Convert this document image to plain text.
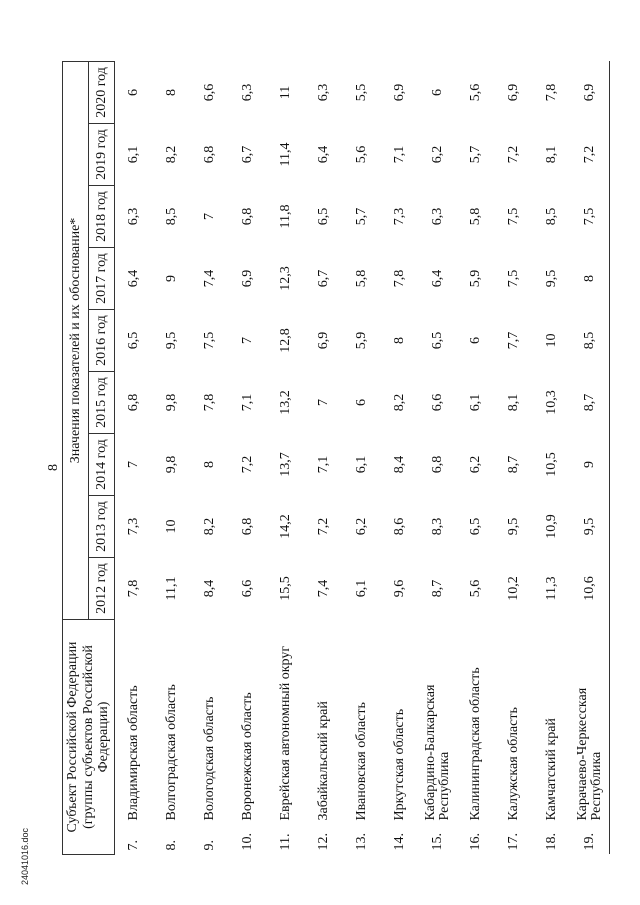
8
24041016.doc
Субъект Российской Федерации (группы субъектов Российской Федерации)		Значения показателей и их обоснование*								
		2012 год	2013 год	2014 год	2015 год	2016 год	2017 год	2018 год	2019 год	2020 год
7.	Владимирская область	7,8	7,3	7	6,8	6,5	6,4	6,3	6,1	6
8.	Волгоградская область	11,1	10	9,8	9,8	9,5	9	8,5	8,2	8
9.	Вологодская область	8,4	8,2	8	7,8	7,5	7,4	7	6,8	6,6
10.	Воронежская область	6,6	6,8	7,2	7,1	7	6,9	6,8	6,7	6,3
11.	Еврейская автономный округ	15,5	14,2	13,7	13,2	12,8	12,3	11,8	11,4	11
12.	Забайкальский край	7,4	7,2	7,1	7	6,9	6,7	6,5	6,4	6,3
13.	Ивановская область	6,1	6,2	6,1	6	5,9	5,8	5,7	5,6	5,5
14.	Иркутская область	9,6	8,6	8,4	8,2	8	7,8	7,3	7,1	6,9
15.	Кабардино-Балкарская Республика	8,7	8,3	6,8	6,6	6,5	6,4	6,3	6,2	6
16.	Калининградская область	5,6	6,5	6,2	6,1	6	5,9	5,8	5,7	5,6
17.	Калужская область	10,2	9,5	8,7	8,1	7,7	7,5	7,5	7,2	6,9
18.	Камчатский край	11,3	10,9	10,5	10,3	10	9,5	8,5	8,1	7,8
19.	Карачаево-Черкесская Республика	10,6	9,5	9	8,7	8,5	8	7,5	7,2	6,9
